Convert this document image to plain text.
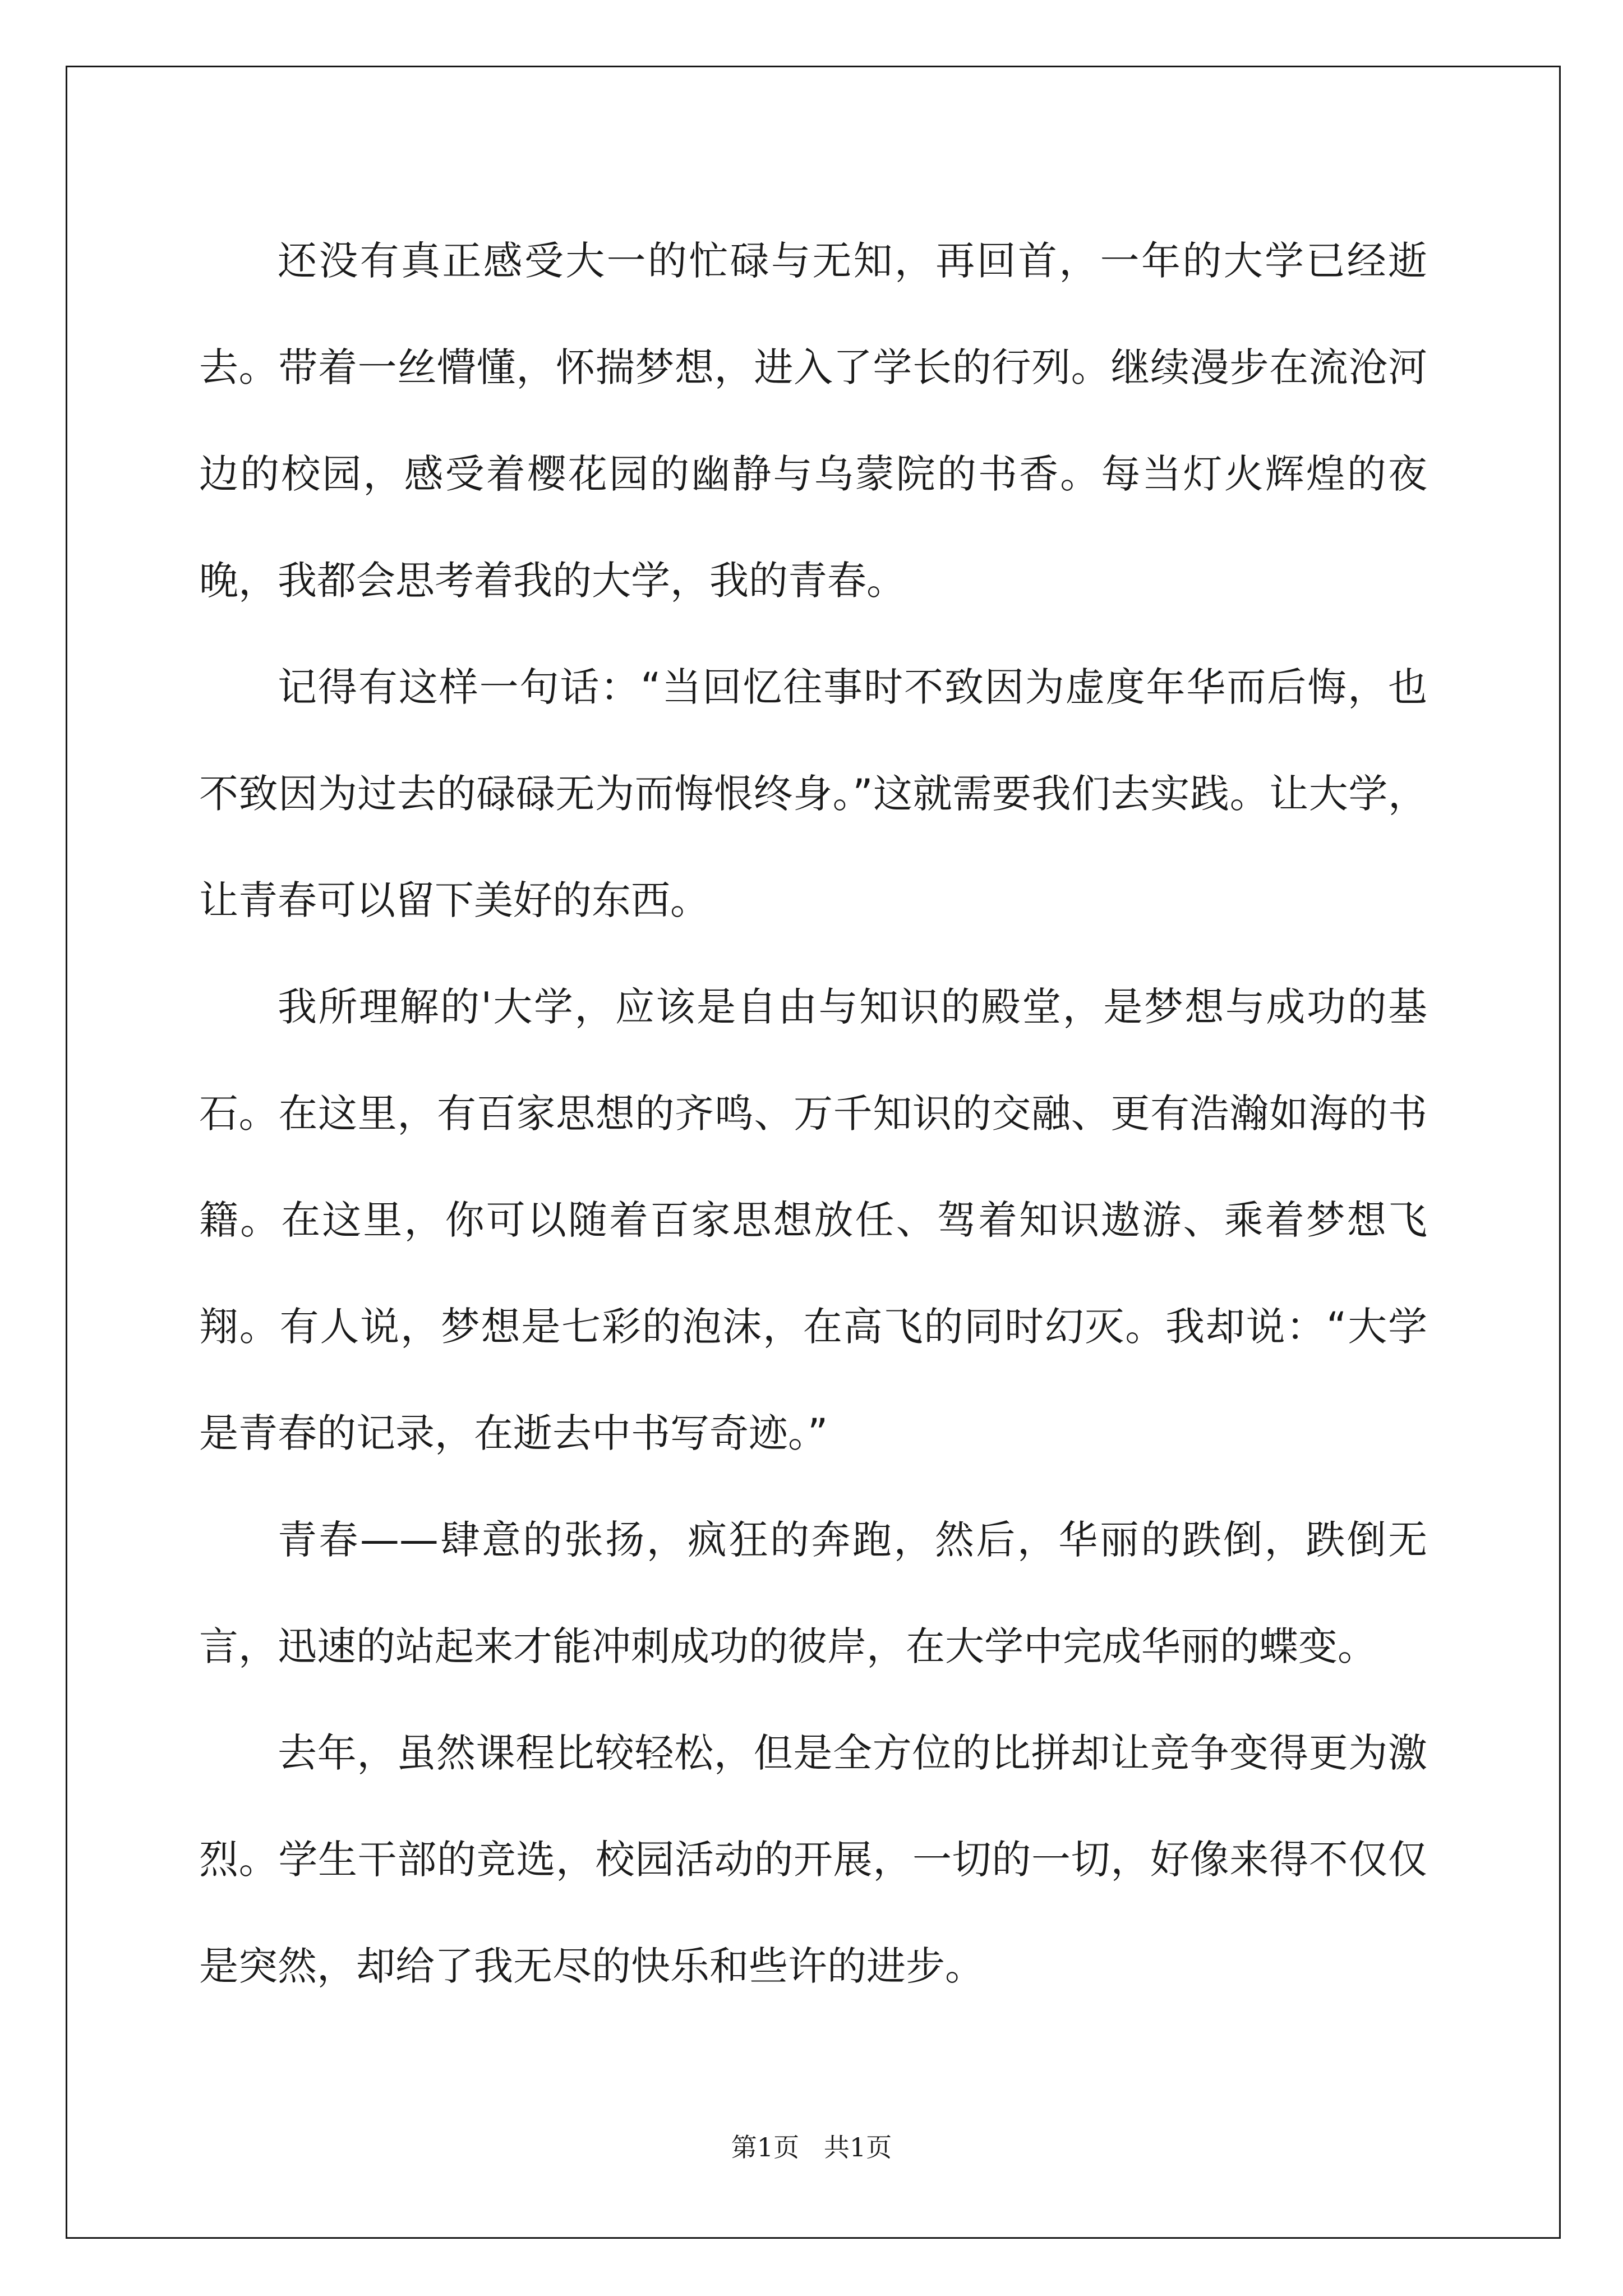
还没有真正感受大一的忙碌与无知，再回首，一年的大学已经逝去。带着一丝懵懂，怀揣梦想，进入了学长的行列。继续漫步在流沧河边的校园，感受着樱花园的幽静与乌蒙院的书香。每当灯火辉煌的夜晚，我都会思考着我的大学，我的青春。

记得有这样一句话：“当回忆往事时不致因为虚度年华而后悔，也不致因为过去的碌碌无为而悔恨终身。”这就需要我们去实践。让大学，让青春可以留下美好的东西。

我所理解的'大学，应该是自由与知识的殿堂，是梦想与成功的基石。在这里，有百家思想的齐鸣、万千知识的交融、更有浩瀚如海的书籍。在这里，你可以随着百家思想放任、驾着知识遨游、乘着梦想飞翔。有人说，梦想是七彩的泡沫，在高飞的同时幻灭。我却说：“大学是青春的记录，在逝去中书写奇迹。”

青春——肆意的张扬，疯狂的奔跑，然后，华丽的跌倒，跌倒无言，迅速的站起来才能冲刺成功的彼岸，在大学中完成华丽的蝶变。

去年，虽然课程比较轻松，但是全方位的比拼却让竞争变得更为激烈。学生干部的竞选，校园活动的开展，一切的一切，好像来得不仅仅是突然，却给了我无尽的快乐和些许的进步。

第1页   共1页
